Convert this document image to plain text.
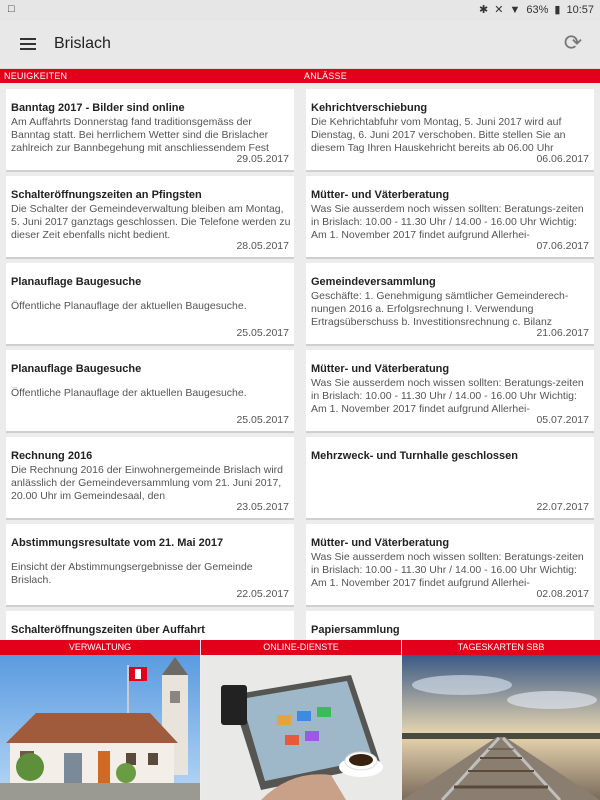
□	✱ ✕ ▼ 63% ▮ 10:57
Brislach	⟳
NEUIGKEITEN	ANLÄSSE
Banntag 2017 - Bilder sind online
Am Auffahrts Donnerstag fand traditionsgemäss der Banntag statt. Bei herrlichem Wetter sind die Brislacher zahlreich zur Bannbegehung mit anschliessendem Fest
29.05.2017
Schalteröffnungszeiten an Pfingsten
Die Schalter der Gemeindeverwaltung bleiben am Montag, 5. Juni 2017 ganztags geschlossen. Die Telefone werden zu dieser Zeit ebenfalls nicht bedient.
28.05.2017
Planauflage Baugesuche
Öffentliche Planauflage der aktuellen Baugesuche.
25.05.2017
Planauflage Baugesuche
Öffentliche Planauflage der aktuellen Baugesuche.
25.05.2017
Rechnung 2016
Die Rechnung 2016 der Einwohnergemeinde Brislach wird anlässlich der Gemeindeversammlung vom 21. Juni 2017, 20.00 Uhr im Gemeindesaal, den
23.05.2017
Abstimmungsresultate vom 21. Mai 2017
Einsicht der Abstimmungsergebnisse der Gemeinde Brislach.
22.05.2017
Schalteröffnungszeiten über Auffahrt
Kehrichtverschiebung
Die Kehrichtabfuhr vom Montag, 5. Juni 2017 wird auf Dienstag, 6. Juni 2017 verschoben. Bitte stellen Sie an diesem Tag Ihren Hauskehricht bereits ab 06.00 Uhr
06.06.2017
Mütter- und Väterberatung
Was Sie ausserdem noch wissen sollten: Beratungs-zeiten in Brislach: 10.00 - 11.30 Uhr / 14.00 - 16.00 Uhr Wichtig: Am 1. November 2017 findet aufgrund Allerhei-
07.06.2017
Gemeindeversammlung
Geschäfte: 1. Genehmigung sämtlicher Gemeinderech-nungen 2016 a. Erfolgsrechnung I. Verwendung Ertragsüberschuss b. Investitionsrechnung c. Bilanz
21.06.2017
Mütter- und Väterberatung
Was Sie ausserdem noch wissen sollten: Beratungs-zeiten in Brislach: 10.00 - 11.30 Uhr / 14.00 - 16.00 Uhr Wichtig: Am 1. November 2017 findet aufgrund Allerhei-
05.07.2017
Mehrzweck- und Turnhalle geschlossen
22.07.2017
Mütter- und Väterberatung
Was Sie ausserdem noch wissen sollten: Beratungs-zeiten in Brislach: 10.00 - 11.30 Uhr / 14.00 - 16.00 Uhr Wichtig: Am 1. November 2017 findet aufgrund Allerhei-
02.08.2017
Papiersammlung
VERWALTUNG	ONLINE-DIENSTE	TAGESKARTEN SBB
